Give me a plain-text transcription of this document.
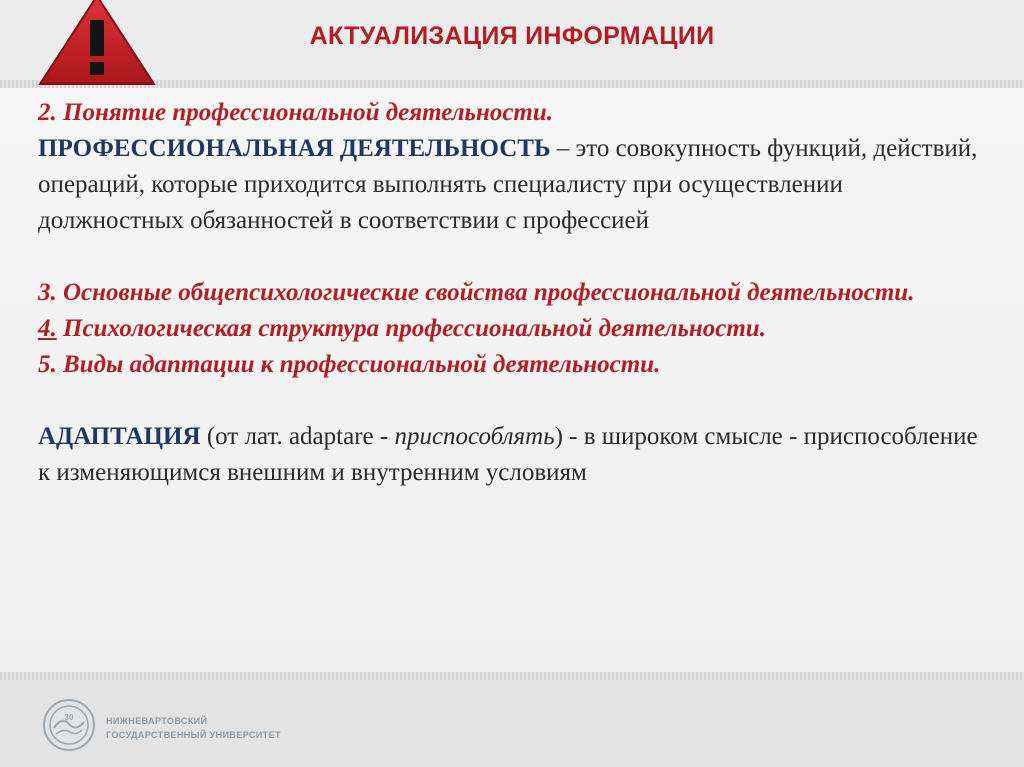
АКТУАЛИЗАЦИЯ ИНФОРМАЦИИ

2. Понятие профессиональной деятельности.

ПРОФЕССИОНАЛЬНАЯ ДЕЯТЕЛЬНОСТЬ – это совокупность функций, действий, операций, которые приходится выполнять специалисту при осуществлении должностных обязанностей в соответствии с профессией

3. Основные общепсихологические свойства профессиональной деятельности.

4. Психологическая структура профессиональной деятельности.

5. Виды адаптации к профессиональной деятельности.

АДАПТАЦИЯ (от лат. adaptare - приспособлять) - в широком смысле - приспособление к изменяющимся внешним и внутренним условиям

30	НИЖНЕВАРТОВСКИЙ
ГОСУДАРСТВЕННЫЙ УНИВЕРСИТЕТ
